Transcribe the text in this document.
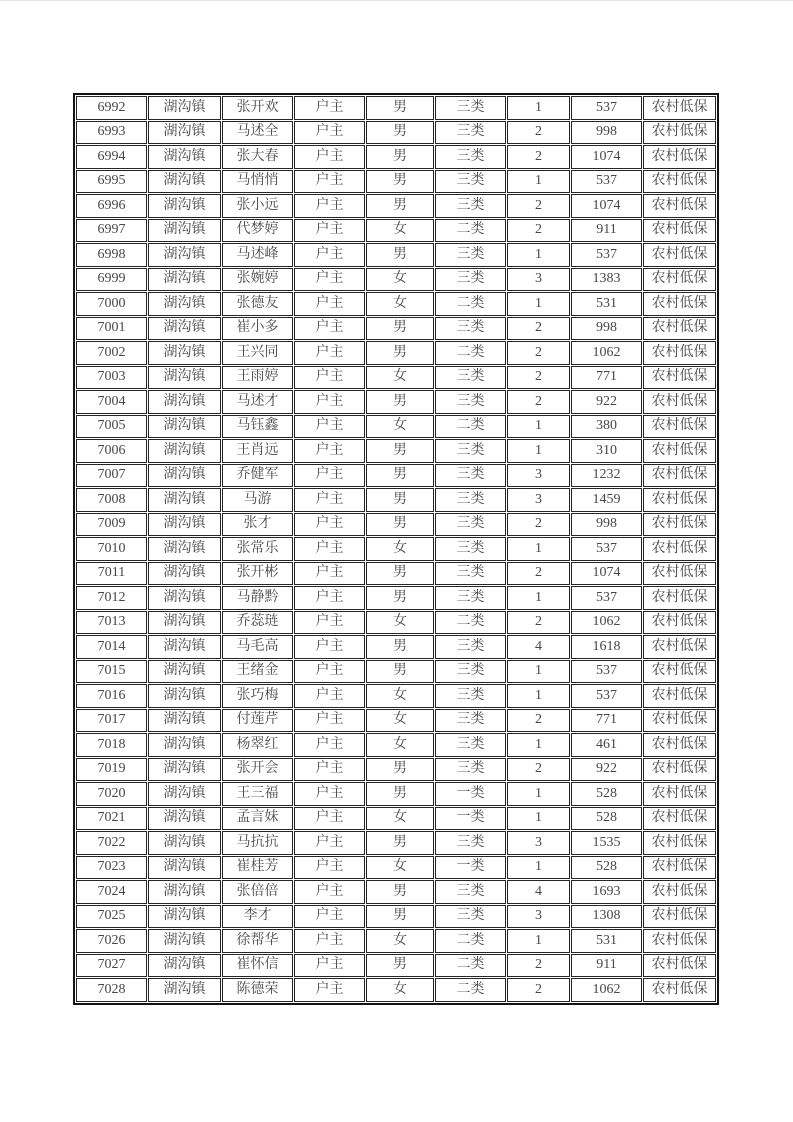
6992	湖沟镇	张开欢	户主	男	三类	1	537	农村低保
6993	湖沟镇	马述全	户主	男	三类	2	998	农村低保
6994	湖沟镇	张大春	户主	男	三类	2	1074	农村低保
6995	湖沟镇	马悄悄	户主	男	三类	1	537	农村低保
6996	湖沟镇	张小远	户主	男	三类	2	1074	农村低保
6997	湖沟镇	代梦婷	户主	女	二类	2	911	农村低保
6998	湖沟镇	马述峰	户主	男	三类	1	537	农村低保
6999	湖沟镇	张婉婷	户主	女	三类	3	1383	农村低保
7000	湖沟镇	张德友	户主	女	二类	1	531	农村低保
7001	湖沟镇	崔小多	户主	男	三类	2	998	农村低保
7002	湖沟镇	王兴同	户主	男	二类	2	1062	农村低保
7003	湖沟镇	王雨婷	户主	女	三类	2	771	农村低保
7004	湖沟镇	马述才	户主	男	三类	2	922	农村低保
7005	湖沟镇	马钰鑫	户主	女	二类	1	380	农村低保
7006	湖沟镇	王肖远	户主	男	三类	1	310	农村低保
7007	湖沟镇	乔健军	户主	男	三类	3	1232	农村低保
7008	湖沟镇	马游	户主	男	三类	3	1459	农村低保
7009	湖沟镇	张才	户主	男	三类	2	998	农村低保
7010	湖沟镇	张常乐	户主	女	三类	1	537	农村低保
7011	湖沟镇	张开彬	户主	男	三类	2	1074	农村低保
7012	湖沟镇	马静黔	户主	男	三类	1	537	农村低保
7013	湖沟镇	乔蕊琏	户主	女	二类	2	1062	农村低保
7014	湖沟镇	马毛高	户主	男	三类	4	1618	农村低保
7015	湖沟镇	王绪金	户主	男	三类	1	537	农村低保
7016	湖沟镇	张巧梅	户主	女	三类	1	537	农村低保
7017	湖沟镇	付莲芹	户主	女	三类	2	771	农村低保
7018	湖沟镇	杨翠红	户主	女	三类	1	461	农村低保
7019	湖沟镇	张开会	户主	男	三类	2	922	农村低保
7020	湖沟镇	王三福	户主	男	一类	1	528	农村低保
7021	湖沟镇	孟言妹	户主	女	一类	1	528	农村低保
7022	湖沟镇	马抗抗	户主	男	三类	3	1535	农村低保
7023	湖沟镇	崔桂芳	户主	女	一类	1	528	农村低保
7024	湖沟镇	张倍倍	户主	男	三类	4	1693	农村低保
7025	湖沟镇	李才	户主	男	三类	3	1308	农村低保
7026	湖沟镇	徐帮华	户主	女	二类	1	531	农村低保
7027	湖沟镇	崔怀信	户主	男	二类	2	911	农村低保
7028	湖沟镇	陈德荣	户主	女	二类	2	1062	农村低保
